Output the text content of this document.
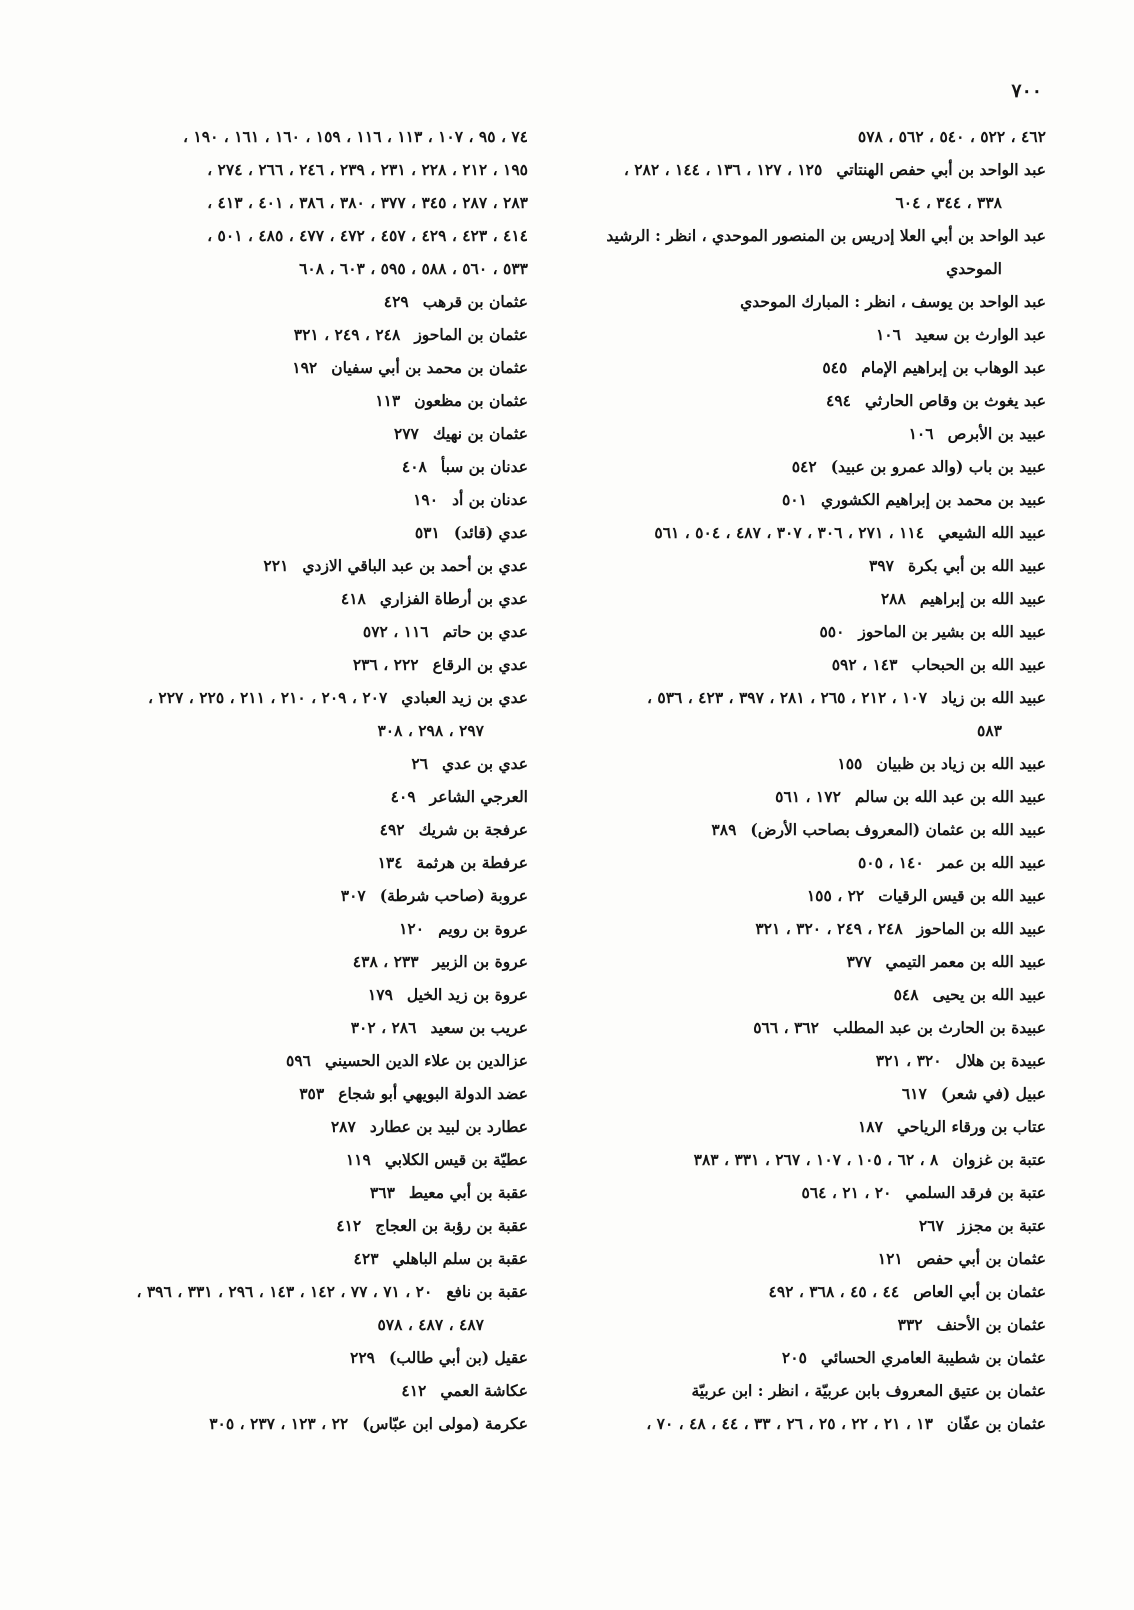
٧٠٠
٤٦٢ ، ٥٢٢ ، ٥٤٠ ، ٥٦٢ ، ٥٧٨
عبد الواحد بن أبي حفص الهنتاتي١٢٥ ، ١٢٧ ، ١٣٦ ، ١٤٤ ، ٢٨٢ ،
٣٣٨ ، ٣٤٤ ، ٦٠٤
عبد الواحد بن أبي العلا إدريس بن المنصور الموحدي ، انظر : الرشيد
الموحدي
عبد الواحد بن يوسف ، انظر : المبارك الموحدي
عبد الوارث بن سعيد١٠٦
عبد الوهاب بن إبراهيم الإمام٥٤٥
عبد يغوث بن وقاص الحارثي٤٩٤
عبيد بن الأبرص١٠٦
عبيد بن باب (والد عمرو بن عبيد)٥٤٢
عبيد بن محمد بن إبراهيم الكشوري٥٠١
عبيد الله الشيعي١١٤ ، ٢٧١ ، ٣٠٦ ، ٣٠٧ ، ٤٨٧ ، ٥٠٤ ، ٥٦١
عبيد الله بن أبي بكرة٣٩٧
عبيد الله بن إبراهيم٢٨٨
عبيد الله بن بشير بن الماحوز٥٥٠
عبيد الله بن الحبحاب١٤٣ ، ٥٩٢
عبيد الله بن زياد١٠٧ ، ٢١٢ ، ٢٦٥ ، ٢٨١ ، ٣٩٧ ، ٤٢٣ ، ٥٣٦ ،
٥٨٣
عبيد الله بن زياد بن ظبيان١٥٥
عبيد الله بن عبد الله بن سالم١٧٢ ، ٥٦١
عبيد الله بن عثمان (المعروف بصاحب الأرض)٣٨٩
عبيد الله بن عمر١٤٠ ، ٥٠٥
عبيد الله بن قيس الرقيات٢٢ ، ١٥٥
عبيد الله بن الماحوز٢٤٨ ، ٢٤٩ ، ٣٢٠ ، ٣٢١
عبيد الله بن معمر التيمي٣٧٧
عبيد الله بن يحيى٥٤٨
عبيدة بن الحارث بن عبد المطلب٣٦٢ ، ٥٦٦
عبيدة بن هلال٣٢٠ ، ٣٢١
عبيل (في شعر)٦١٧
عتاب بن ورقاء الرياحي١٨٧
عتبة بن غزوان٨ ، ٦٢ ، ١٠٥ ، ١٠٧ ، ٢٦٧ ، ٣٣١ ، ٣٨٣
عتبة بن فرقد السلمي٢٠ ، ٢١ ، ٥٦٤
عتبة بن مجزز٢٦٧
عثمان بن أبي حفص١٢١
عثمان بن أبي العاص٤٤ ، ٤٥ ، ٣٦٨ ، ٤٩٢
عثمان بن الأحنف٣٣٢
عثمان بن شطيبة العامري الحسائي٢٠٥
عثمان بن عتيق المعروف بابن عربيّة ، انظر : ابن عربيّة
عثمان بن عفّان١٣ ، ٢١ ، ٢٢ ، ٢٥ ، ٢٦ ، ٣٣ ، ٤٤ ، ٤٨ ، ٧٠ ،
٧٤ ، ٩٥ ، ١٠٧ ، ١١٣ ، ١١٦ ، ١٥٩ ، ١٦٠ ، ١٦١ ، ١٩٠ ،
١٩٥ ، ٢١٢ ، ٢٢٨ ، ٢٣١ ، ٢٣٩ ، ٢٤٦ ، ٢٦٦ ، ٢٧٤ ،
٢٨٣ ، ٢٨٧ ، ٣٤٥ ، ٣٧٧ ، ٣٨٠ ، ٣٨٦ ، ٤٠١ ، ٤١٣ ،
٤١٤ ، ٤٢٣ ، ٤٢٩ ، ٤٥٧ ، ٤٧٢ ، ٤٧٧ ، ٤٨٥ ، ٥٠١ ،
٥٣٣ ، ٥٦٠ ، ٥٨٨ ، ٥٩٥ ، ٦٠٣ ، ٦٠٨
عثمان بن قرهب٤٢٩
عثمان بن الماحوز٢٤٨ ، ٢٤٩ ، ٣٢١
عثمان بن محمد بن أبي سفيان١٩٢
عثمان بن مظعون١١٣
عثمان بن نهيك٢٧٧
عدنان بن سبأ٤٠٨
عدنان بن أد١٩٠
عدي (قائد)٥٣١
عدي بن أحمد بن عبد الباقي الازدي٢٢١
عدي بن أرطاة الفزاري٤١٨
عدي بن حاتم١١٦ ، ٥٧٢
عدي بن الرقاع٢٢٢ ، ٢٣٦
عدي بن زيد العبادي٢٠٧ ، ٢٠٩ ، ٢١٠ ، ٢١١ ، ٢٢٥ ، ٢٢٧ ،
٢٩٧ ، ٢٩٨ ، ٣٠٨
عدي بن عدي٢٦
العرجي الشاعر٤٠٩
عرفجة بن شريك٤٩٢
عرفطة بن هرثمة١٣٤
عروبة (صاحب شرطة)٣٠٧
عروة بن رويم١٢٠
عروة بن الزبير٢٣٣ ، ٤٣٨
عروة بن زيد الخيل١٧٩
عريب بن سعيد٢٨٦ ، ٣٠٢
عزالدين بن علاء الدين الحسيني٥٩٦
عضد الدولة البويهي أبو شجاع٣٥٣
عطارد بن لبيد بن عطارد٢٨٧
عطيّة بن قيس الكلابي١١٩
عقبة بن أبي معيط٣٦٣
عقبة بن رؤبة بن العجاج٤١٢
عقبة بن سلم الباهلي٤٢٣
عقبة بن نافع٢٠ ، ٧١ ، ٧٧ ، ١٤٢ ، ١٤٣ ، ٢٩٦ ، ٣٣١ ، ٣٩٦ ،
٤٨٧ ، ٤٨٧ ، ٥٧٨
عقيل (بن أبي طالب)٢٢٩
عكاشة العمي٤١٢
عكرمة (مولى ابن عبّاس)٢٢ ، ١٢٣ ، ٢٣٧ ، ٣٠٥
